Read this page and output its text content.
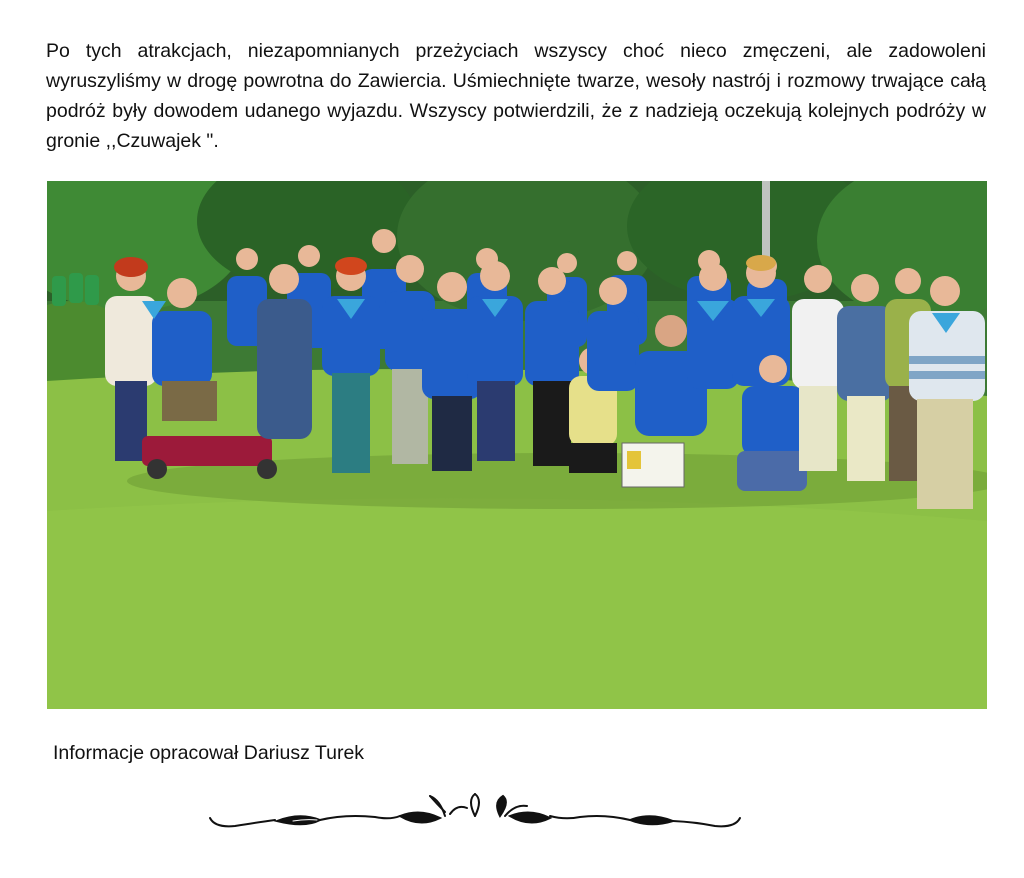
Po tych atrakcjach, niezapomnianych przeżyciach wszyscy choć nieco zmęczeni, ale zadowoleni wyruszyliśmy w drogę powrotna do Zawiercia. Uśmiechnięte twarze, wesoły nastrój i rozmowy trwające całą podróż były dowodem udanego wyjazdu. Wszyscy potwierdzili, że z nadzieją oczekują kolejnych podróży w gronie ,,Czuwajek ".

Informacje opracował Dariusz Turek
